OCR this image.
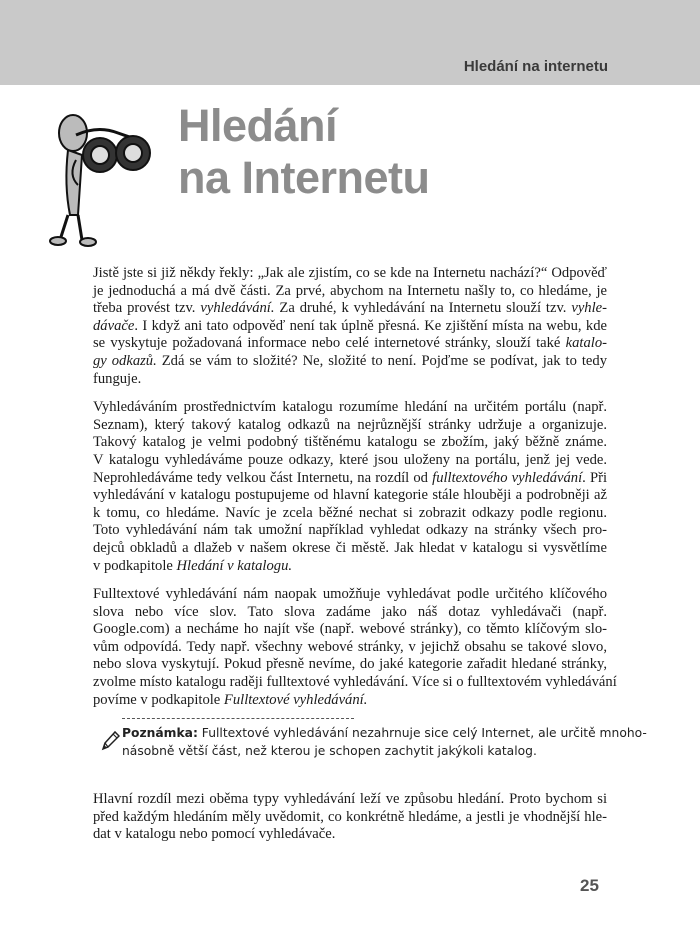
Hledání na internetu
Hledání
na Internetu
Jistě jste si již někdy řekly: „Jak ale zjistím, co se kde na Internetu nachází?“ Odpověď
je jednoduchá a má dvě části. Za prvé, abychom na Internetu našly to, co hledáme, je
třeba provést tzv. vyhledávání. Za druhé, k vyhledávání na Internetu slouží tzv. vyhle-
dávače. I když ani tato odpověď není tak úplně přesná. Ke zjištění místa na webu, kde
se vyskytuje požadovaná informace nebo celé internetové stránky, slouží také katalo-
gy odkazů. Zdá se vám to složité? Ne, složité to není. Pojďme se podívat, jak to tedy
funguje.
Vyhledáváním prostřednictvím katalogu rozumíme hledání na určitém portálu (např.
Seznam), který takový katalog odkazů na nejrůznější stránky udržuje a organizuje.
Takový katalog je velmi podobný tištěnému katalogu se zbožím, jaký běžně známe.
V katalogu vyhledáváme pouze odkazy, které jsou uloženy na portálu, jenž jej vede.
Neprohledáváme tedy velkou část Internetu, na rozdíl od fulltextového vyhledávání. Při
vyhledávání v katalogu postupujeme od hlavní kategorie stále hlouběji a podrobněji až
k tomu, co hledáme. Navíc je zcela běžné nechat si zobrazit odkazy podle regionu.
Toto vyhledávání nám tak umožní například vyhledat odkazy na stránky všech pro-
dejců obkladů a dlažeb v našem okrese či městě. Jak hledat v katalogu si vysvětlíme
v podkapitole Hledání v katalogu.
Fulltextové vyhledávání nám naopak umožňuje vyhledávat podle určitého klíčového
slova nebo více slov. Tato slova zadáme jako náš dotaz vyhledávači (např.
Google.com) a necháme ho najít vše (např. webové stránky), co těmto klíčovým slo-
vům odpovídá. Tedy např. všechny webové stránky, v jejichž obsahu se takové slovo,
nebo slova vyskytují. Pokud přesně nevíme, do jaké kategorie zařadit hledané stránky,
zvolme místo katalogu raději fulltextové vyhledávání. Více si o fulltextovém vyhledávání
povíme v podkapitole Fulltextové vyhledávání.
Poznámka: Fulltextové vyhledávání nezahrnuje sice celý Internet, ale určitě mnoho-
násobně větší část, než kterou je schopen zachytit jakýkoli katalog.
Hlavní rozdíl mezi oběma typy vyhledávání leží ve způsobu hledání. Proto bychom si
před každým hledáním měly uvědomit, co konkrétně hledáme, a jestli je vhodnější hle-
dat v katalogu nebo pomocí vyhledávače.
25
